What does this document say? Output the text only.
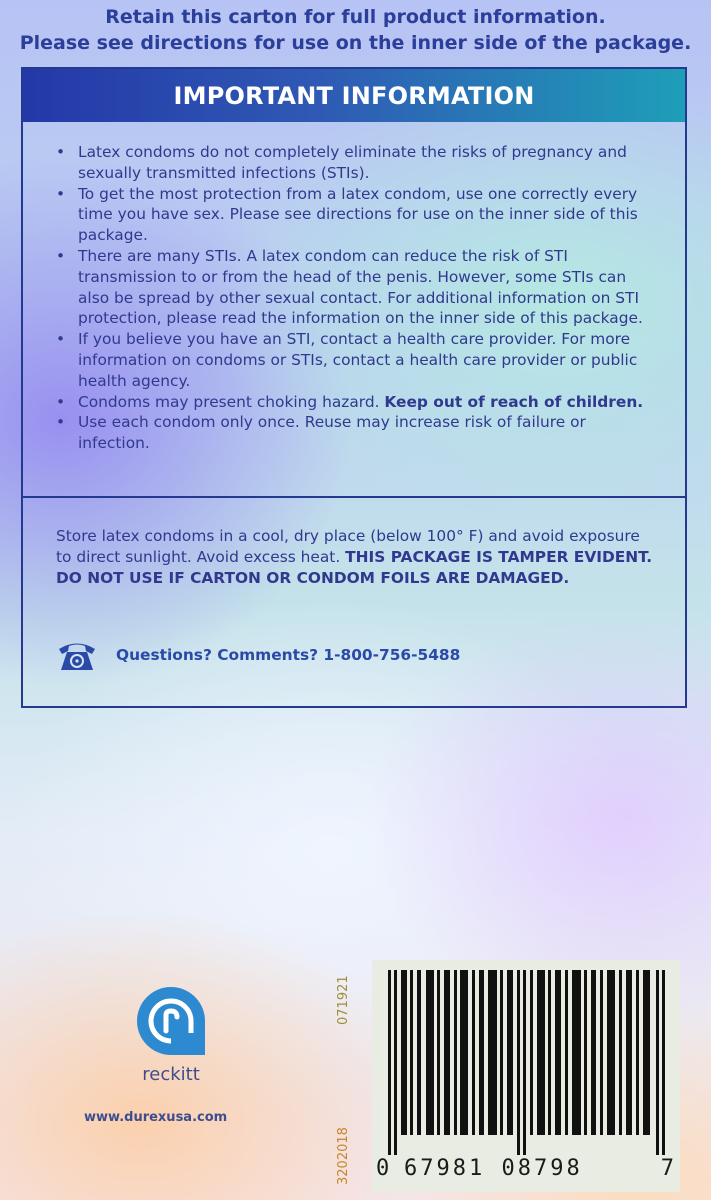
Retain this carton for full product information.
Please see directions for use on the inner side of the package.
IMPORTANT INFORMATION
• Latex condoms do not completely eliminate the risks of pregnancy and sexually transmitted infections (STIs).
• To get the most protection from a latex condom, use one correctly every time you have sex. Please see directions for use on the inner side of this package.
• There are many STIs. A latex condom can reduce the risk of STI transmission to or from the head of the penis. However, some STIs can also be spread by other sexual contact. For additional information on STI protection, please read the information on the inner side of this package.
• If you believe you have an STI, contact a health care provider. For more information on condoms or STIs, contact a health care provider or public health agency.
• Condoms may present choking hazard. Keep out of reach of children.
• Use each condom only once. Reuse may increase risk of failure or infection.
Store latex condoms in a cool, dry place (below 100° F) and avoid exposure to direct sunlight. Avoid excess heat. THIS PACKAGE IS TAMPER EVIDENT. DO NOT USE IF CARTON OR CONDOM FOILS ARE DAMAGED.
Questions? Comments? 1-800-756-5488
reckitt
www.durexusa.com
071921
3202018	0 67981 08798	7
